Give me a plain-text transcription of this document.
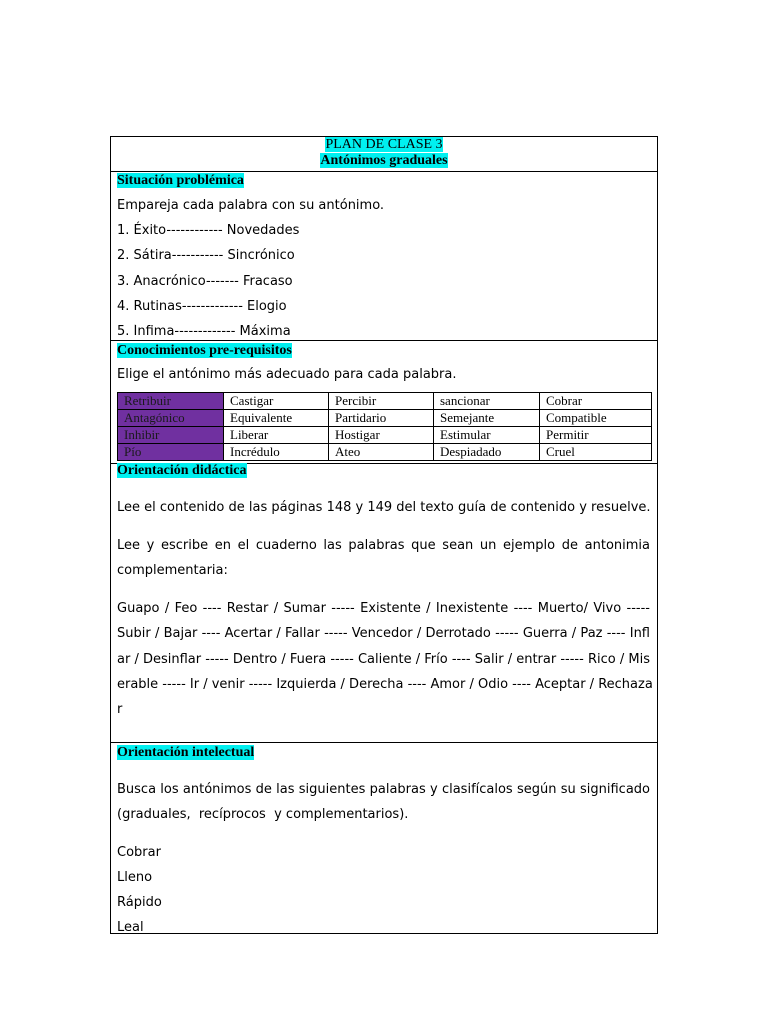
PLAN DE CLASE 3
Antónimos graduales
Situación problémica
Empareja cada palabra con su antónimo.
1. Éxito------------ Novedades
2. Sátira----------- Sincrónico
3. Anacrónico------- Fracaso
4. Rutinas------------- Elogio
5. Ínfima------------- Máxima
Conocimientos pre-requisitos
Elige el antónimo más adecuado para cada palabra.
Retribuir	Castigar	Percibir	sancionar	Cobrar
Antagónico	Equivalente	Partidario	Semejante	Compatible
Inhibir	Liberar	Hostigar	Estimular	Permitir
Pío	Incrédulo	Ateo	Despiadado	Cruel
Orientación didáctica
Lee el contenido de las páginas 148 y 149 del texto guía de contenido y resuelve.
Lee y escribe en el cuaderno las palabras que sean un ejemplo de antonimia
complementaria:
Guapo / Feo ---- Restar / Sumar ----- Existente / Inexistente ---- Muerto/ Vivo -----
Subir / Bajar ---- Acertar / Fallar ----- Vencedor / Derrotado ----- Guerra / Paz ---- Infl
ar / Desinflar ----- Dentro / Fuera ----- Caliente / Frío ---- Salir / entrar ----- Rico / Mis
erable ----- Ir / venir ----- Izquierda / Derecha ---- Amor / Odio ---- Aceptar / Rechaza
r
Orientación intelectual
Busca los antónimos de las siguientes palabras y clasifícalos según su significado
(graduales,  recíprocos  y complementarios).
Cobrar
Lleno
Rápido
Leal
